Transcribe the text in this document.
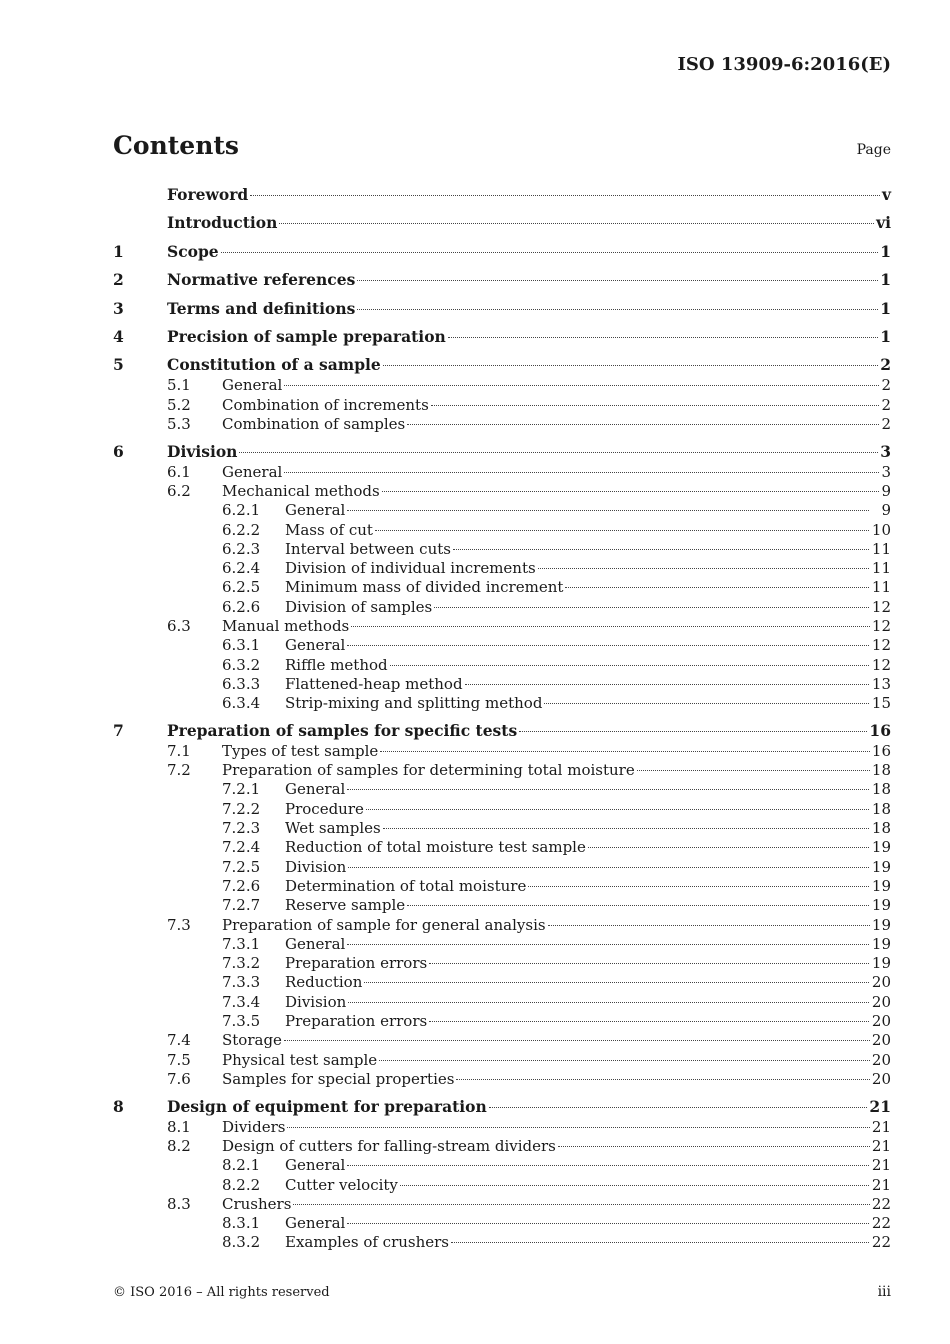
ISO 13909-6:2016(E)
Contents	Page
Foreword	v
Introduction	vi
1	Scope	1
2	Normative references	1
3	Terms and definitions	1
4	Precision of sample preparation	1
5	Constitution of a sample	2
5.1	General	2
5.2	Combination of increments	2
5.3	Combination of samples	2
6	Division	3
6.1	General	3
6.2	Mechanical methods	9
6.2.1	General	9
6.2.2	Mass of cut	10
6.2.3	Interval between cuts	11
6.2.4	Division of individual increments	11
6.2.5	Minimum mass of divided increment	11
6.2.6	Division of samples	12
6.3	Manual methods	12
6.3.1	General	12
6.3.2	Riffle method	12
6.3.3	Flattened-heap method	13
6.3.4	Strip-mixing and splitting method	15
7	Preparation of samples for specific tests	16
7.1	Types of test sample	16
7.2	Preparation of samples for determining total moisture	18
7.2.1	General	18
7.2.2	Procedure	18
7.2.3	Wet samples	18
7.2.4	Reduction of total moisture test sample	19
7.2.5	Division	19
7.2.6	Determination of total moisture	19
7.2.7	Reserve sample	19
7.3	Preparation of sample for general analysis	19
7.3.1	General	19
7.3.2	Preparation errors	19
7.3.3	Reduction	20
7.3.4	Division	20
7.3.5	Preparation errors	20
7.4	Storage	20
7.5	Physical test sample	20
7.6	Samples for special properties	20
8	Design of equipment for preparation	21
8.1	Dividers	21
8.2	Design of cutters for falling-stream dividers	21
8.2.1	General	21
8.2.2	Cutter velocity	21
8.3	Crushers	22
8.3.1	General	22
8.3.2	Examples of crushers	22
© ISO 2016 – All rights reserved	iii
